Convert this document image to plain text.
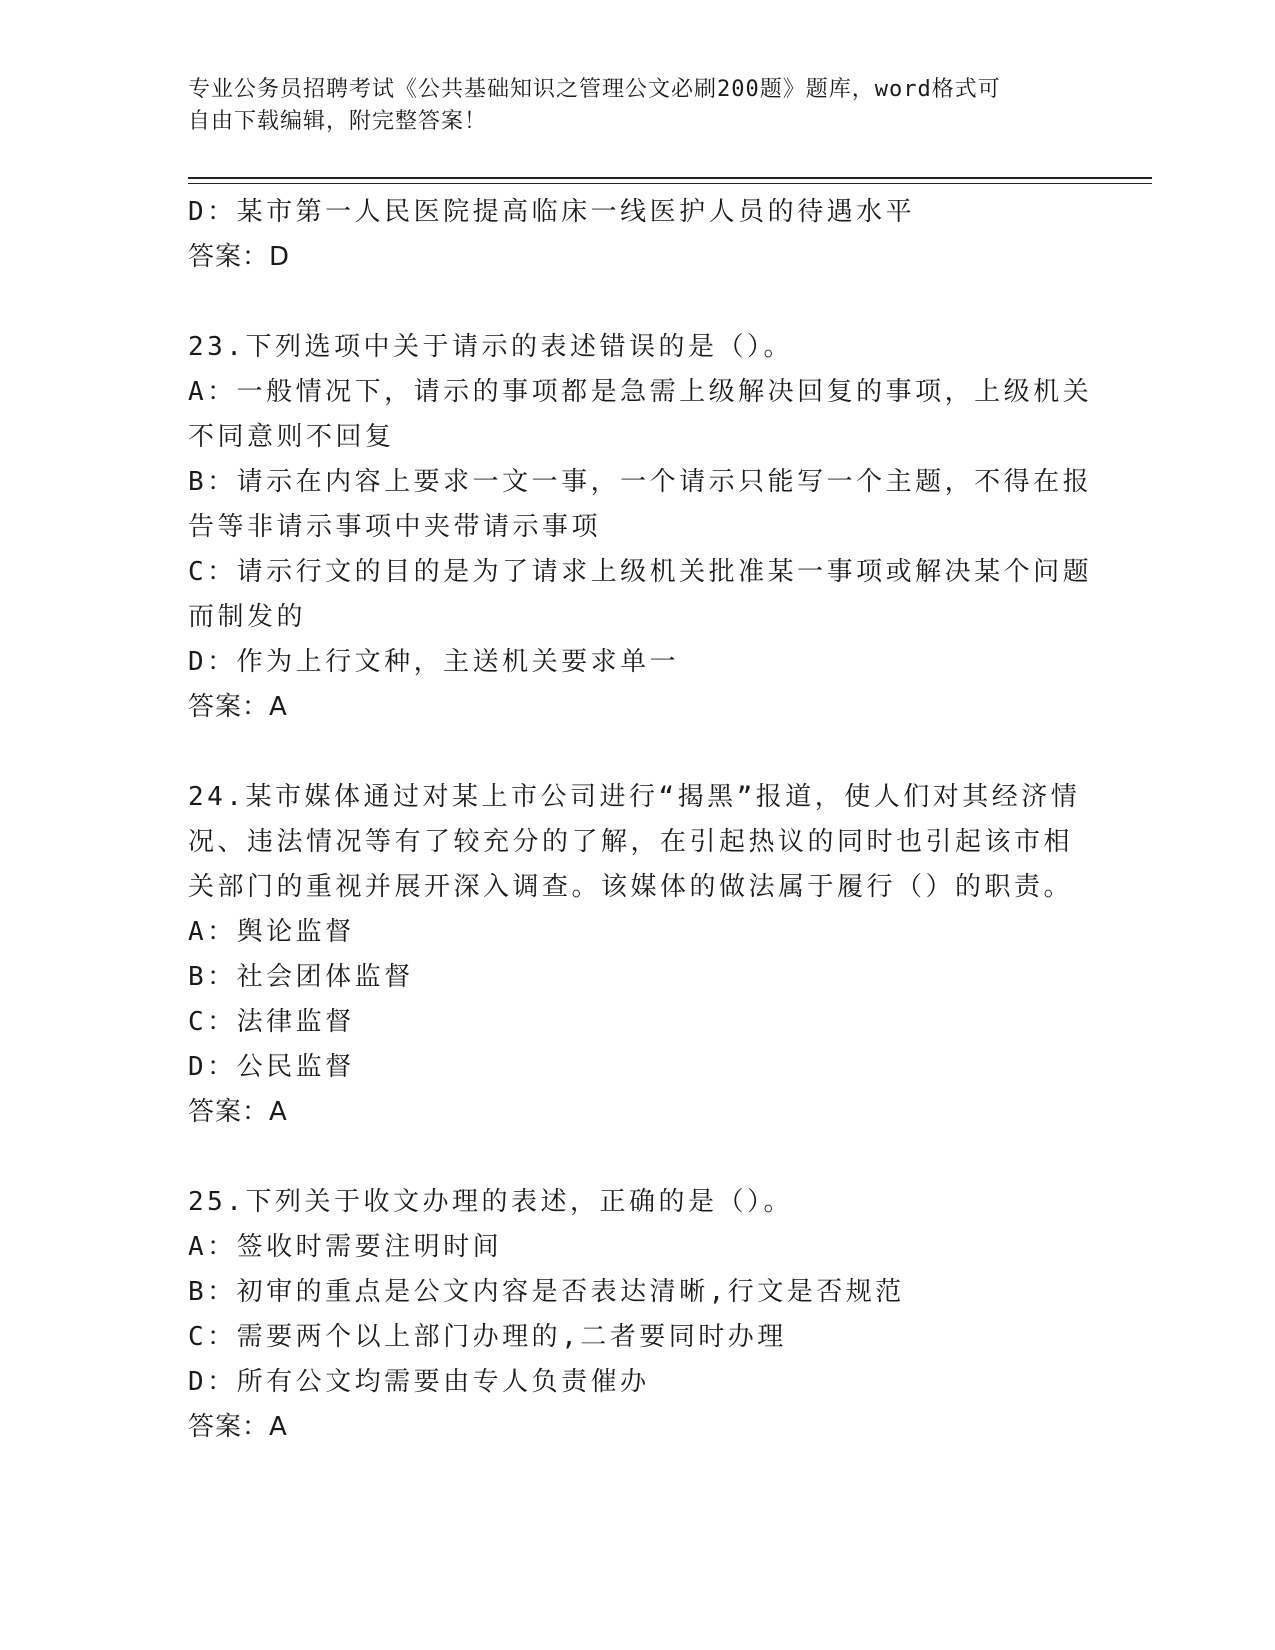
专业公务员招聘考试《公共基础知识之管理公文必刷200题》题库，word格式可
自由下载编辑，附完整答案！
D：某市第一人民医院提高临床一线医护人员的待遇水平
答案：D
23.下列选项中关于请示的表述错误的是（）。
A：一般情况下，请示的事项都是急需上级解决回复的事项，上级机关
不同意则不回复
B：请示在内容上要求一文一事，一个请示只能写一个主题，不得在报
告等非请示事项中夹带请示事项
C：请示行文的目的是为了请求上级机关批准某一事项或解决某个问题
而制发的
D：作为上行文种，主送机关要求单一
答案：A
24.某市媒体通过对某上市公司进行“揭黑”报道，使人们对其经济情
况、违法情况等有了较充分的了解，在引起热议的同时也引起该市相
关部门的重视并展开深入调查。该媒体的做法属于履行（）的职责。
A：舆论监督
B：社会团体监督
C：法律监督
D：公民监督
答案：A
25.下列关于收文办理的表述，正确的是（）。
A：签收时需要注明时间
B：初审的重点是公文内容是否表达清晰,行文是否规范
C：需要两个以上部门办理的,二者要同时办理
D：所有公文均需要由专人负责催办
答案：A
